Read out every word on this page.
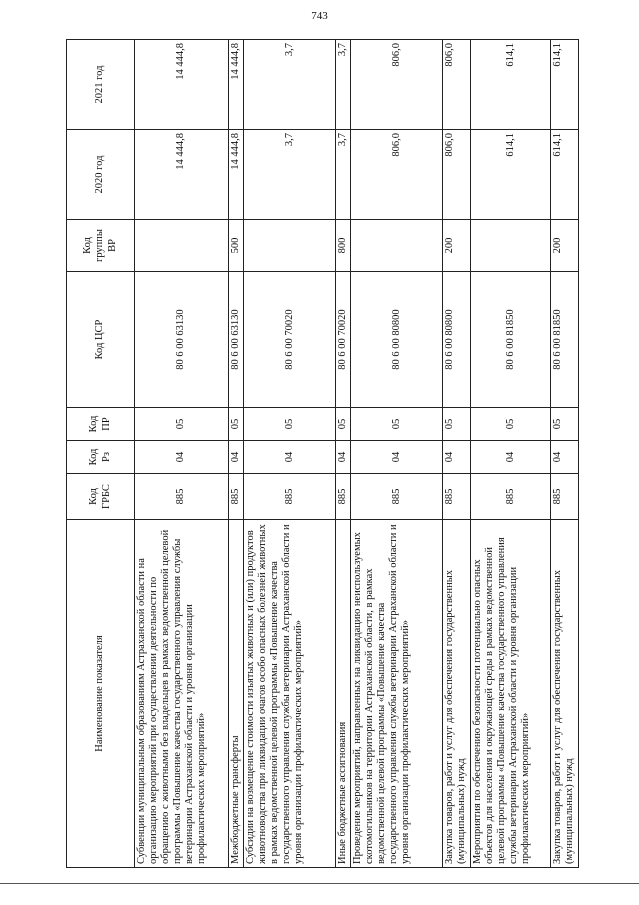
743
Наименование показателя	Код ГРБС	Код Рз	Код ПР	Код ЦСР	Код группы ВР	2020 год	2021 год
Субвенции муниципальным образованиям Астраханской области на организацию мероприятий при осуществлении деятельности по обращению с животными без владельцев в рамках ведомственной целевой программы «Повышение качества государственного управления службы ветеринарии Астраханской области и уровня организации профилактических мероприятий»	885	04	05	80 6 00 63130		14 444,8	14 444,8
Межбюджетные трансферты	885	04	05	80 6 00 63130	500	14 444,8	14 444,8
Субсидии на возмещение стоимости изъятых животных и (или) продуктов животноводства при ликвидации очагов особо опасных болезней животных в рамках ведомственной целевой программы «Повышение качества государственного управления службы ветеринарии Астраханской области и уровня организации профилактических мероприятий»	885	04	05	80 6 00 70020		3,7	3,7
Иные бюджетные ассигнования	885	04	05	80 6 00 70020	800	3,7	3,7
Проведение мероприятий, направленных на ликвидацию неиспользуемых скотомогильников на территории Астраханской области, в рамках ведомственной целевой программы «Повышение качества государственного управления службы ветеринарии Астраханской области и уровня организации профилактических мероприятий»	885	04	05	80 6 00 80800		806,0	806,0
Закупка товаров, работ и услуг для обеспечения государственных (муниципальных) нужд	885	04	05	80 6 00 80800	200	806,0	806,0
Мероприятия по обеспечению безопасности потенциально опасных объектов для населения и окружающей среды в рамках ведомственной целевой программы «Повышение качества государственного управления службы ветеринарии Астраханской области и уровня организации профилактических мероприятий»	885	04	05	80 6 00 81850		614,1	614,1
Закупка товаров, работ и услуг для обеспечения государственных (муниципальных) нужд	885	04	05	80 6 00 81850	200	614,1	614,1
